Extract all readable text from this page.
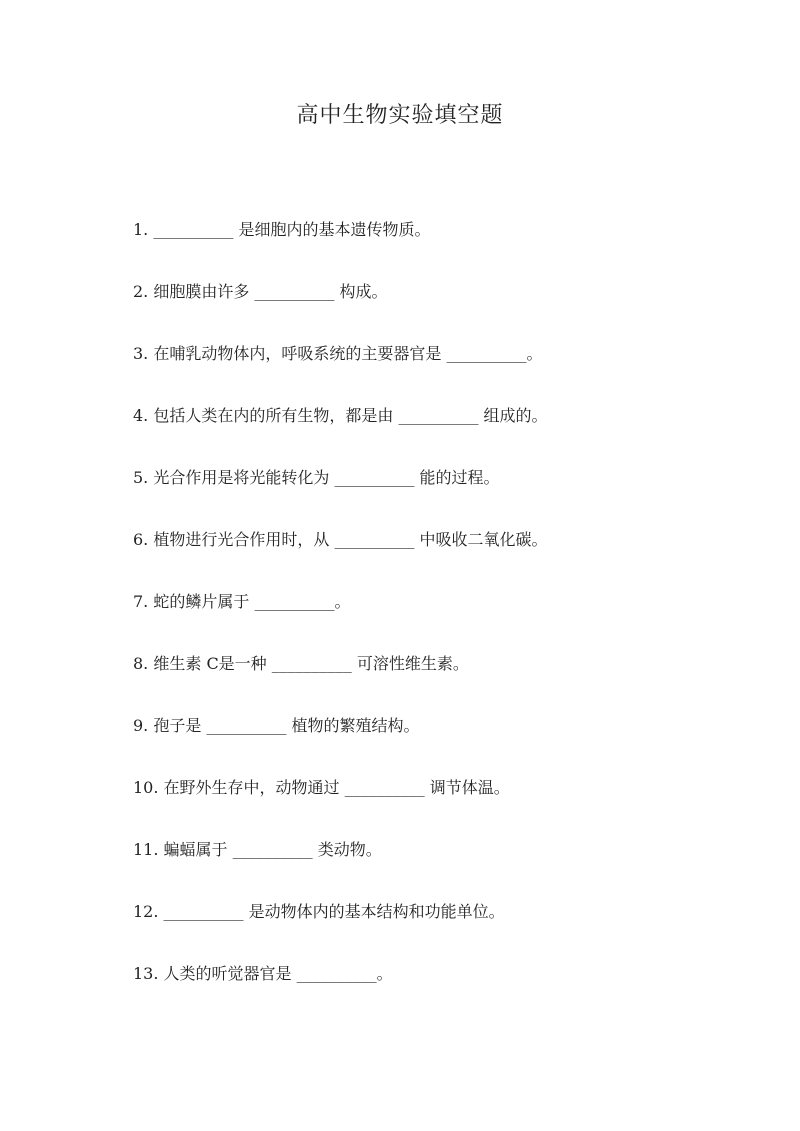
高中生物实验填空题
1. __________ 是细胞内的基本遗传物质。
2. 细胞膜由许多 __________ 构成。
3. 在哺乳动物体内，呼吸系统的主要器官是 __________。
4. 包括人类在内的所有生物，都是由 __________ 组成的。
5. 光合作用是将光能转化为 __________ 能的过程。
6. 植物进行光合作用时，从 __________ 中吸收二氧化碳。
7. 蛇的鳞片属于 __________。
8. 维生素 C是一种 __________ 可溶性维生素。
9. 孢子是 __________ 植物的繁殖结构。
10. 在野外生存中，动物通过 __________ 调节体温。
11. 蝙蝠属于 __________ 类动物。
12. __________ 是动物体内的基本结构和功能单位。
13. 人类的听觉器官是 __________。
